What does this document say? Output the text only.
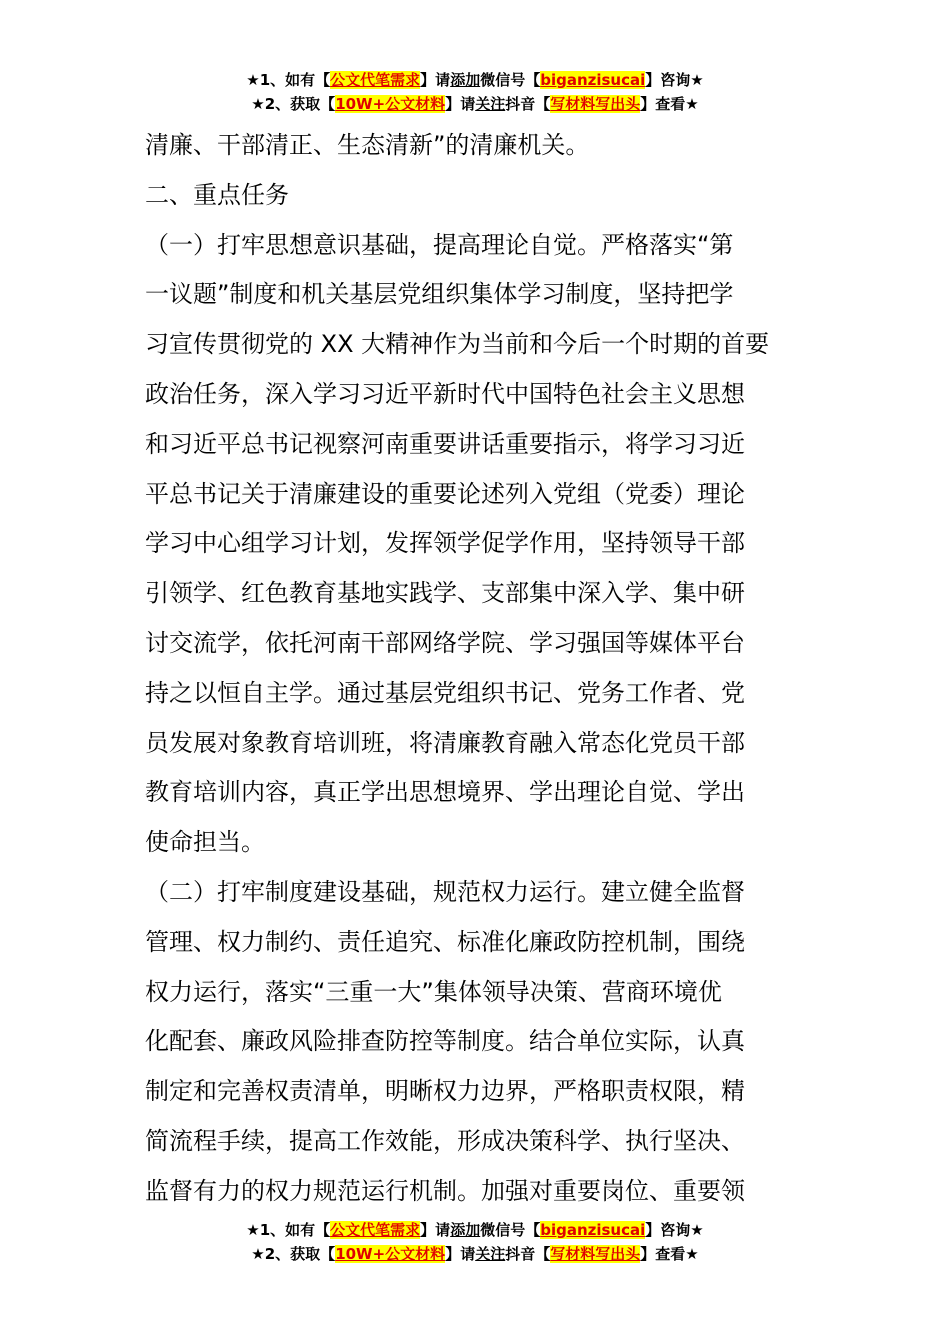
★1、如有【公文代笔需求】请添加微信号【biganzisucai】咨询★
★2、获取【10W+公文材料】请关注抖音【写材料写出头】查看★
清廉、干部清正、生态清新”的清廉机关。
二、重点任务
（一）打牢思想意识基础，提高理论自觉。严格落实“第
一议题”制度和机关基层党组织集体学习制度，坚持把学
习宣传贯彻党的 XX 大精神作为当前和今后一个时期的首要
政治任务，深入学习习近平新时代中国特色社会主义思想
和习近平总书记视察河南重要讲话重要指示，将学习习近
平总书记关于清廉建设的重要论述列入党组（党委）理论
学习中心组学习计划，发挥领学促学作用，坚持领导干部
引领学、红色教育基地实践学、支部集中深入学、集中研
讨交流学，依托河南干部网络学院、学习强国等媒体平台
持之以恒自主学。通过基层党组织书记、党务工作者、党
员发展对象教育培训班，将清廉教育融入常态化党员干部
教育培训内容，真正学出思想境界、学出理论自觉、学出
使命担当。
（二）打牢制度建设基础，规范权力运行。建立健全监督
管理、权力制约、责任追究、标准化廉政防控机制，围绕
权力运行，落实“三重一大”集体领导决策、营商环境优
化配套、廉政风险排查防控等制度。结合单位实际，认真
制定和完善权责清单，明晰权力边界，严格职责权限，精
简流程手续，提高工作效能，形成决策科学、执行坚决、
监督有力的权力规范运行机制。加强对重要岗位、重要领
★1、如有【公文代笔需求】请添加微信号【biganzisucai】咨询★
★2、获取【10W+公文材料】请关注抖音【写材料写出头】查看★
